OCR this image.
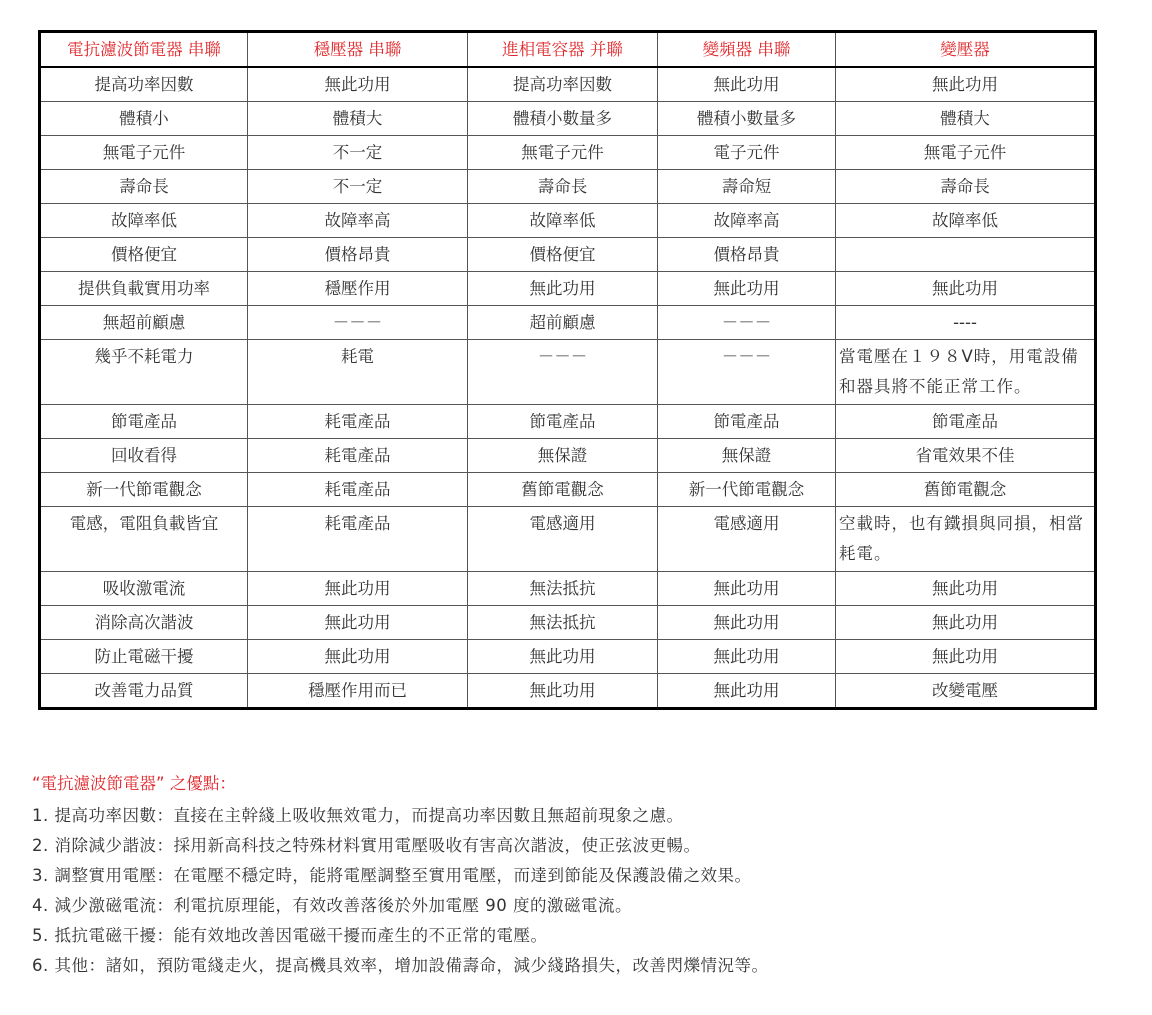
電抗濾波節電器 串聯	穩壓器 串聯	進相電容器 并聯	變頻器 串聯	變壓器
提高功率因數	無此功用	提高功率因數	無此功用	無此功用
體積小	體積大	體積小數量多	體積小數量多	體積大
無電子元件	不一定	無電子元件	電子元件	無電子元件
壽命長	不一定	壽命長	壽命短	壽命長
故障率低	故障率高	故障率低	故障率高	故障率低
價格便宜	價格昂貴	價格便宜	價格昂貴	
提供負載實用功率	穩壓作用	無此功用	無此功用	無此功用
無超前顧慮	－－－	超前顧慮	－－－	----
幾乎不耗電力	耗電	－－－	－－－	當電壓在１９８V時，用電設備和器具將不能正常工作。
節電產品	耗電產品	節電產品	節電產品	節電產品
回收看得	耗電產品	無保證	無保證	省電效果不佳
新一代節電觀念	耗電產品	舊節電觀念	新一代節電觀念	舊節電觀念
電感，電阻負載皆宜	耗電產品	電感適用	電感適用	空載時，也有鐵損與同損，相當耗電。
吸收激電流	無此功用	無法抵抗	無此功用	無此功用
消除高次諧波	無此功用	無法抵抗	無此功用	無此功用
防止電磁干擾	無此功用	無此功用	無此功用	無此功用
改善電力品質	穩壓作用而已	無此功用	無此功用	改變電壓
“電抗濾波節電器” 之優點：
1. 提高功率因數：直接在主幹綫上吸收無效電力，而提高功率因數且無超前現象之慮。
2. 消除減少諧波：採用新高科技之特殊材料實用電壓吸收有害高次諧波，使正弦波更暢。
3. 調整實用電壓：在電壓不穩定時，能將電壓調整至實用電壓，而達到節能及保護設備之效果。
4. 減少激磁電流：利電抗原理能，有效改善落後於外加電壓 90 度的激磁電流。
5. 抵抗電磁干擾：能有效地改善因電磁干擾而產生的不正常的電壓。
6. 其他：諸如，預防電綫走火，提高機具效率，增加設備壽命，減少綫路損失，改善閃爍情況等。
